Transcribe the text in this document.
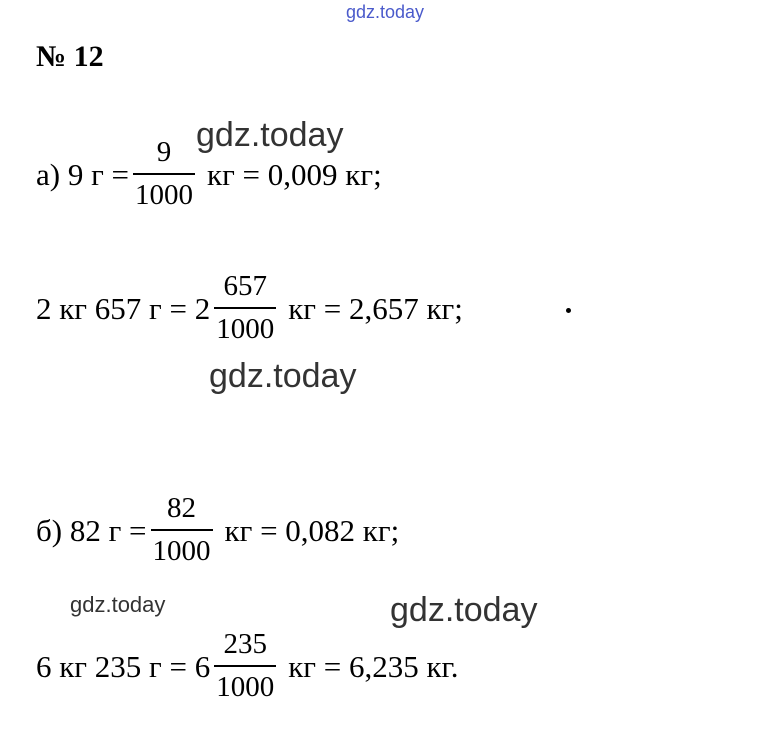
gdz.today
№ 12
а) 9 $г = \frac{9}{1000}$ кг = 0,009 кг;
2 кг 657 $г = 2 \frac{657}{1000}$ кг = 2,657 кг;
б) 82 $г = \frac{82}{1000}$ кг = 0,082 кг;
6 кг 235 $г = 6 \frac{235}{1000}$ кг = 6,235 кг.
gdz.today
gdz.today
gdz.today	gdz.today
